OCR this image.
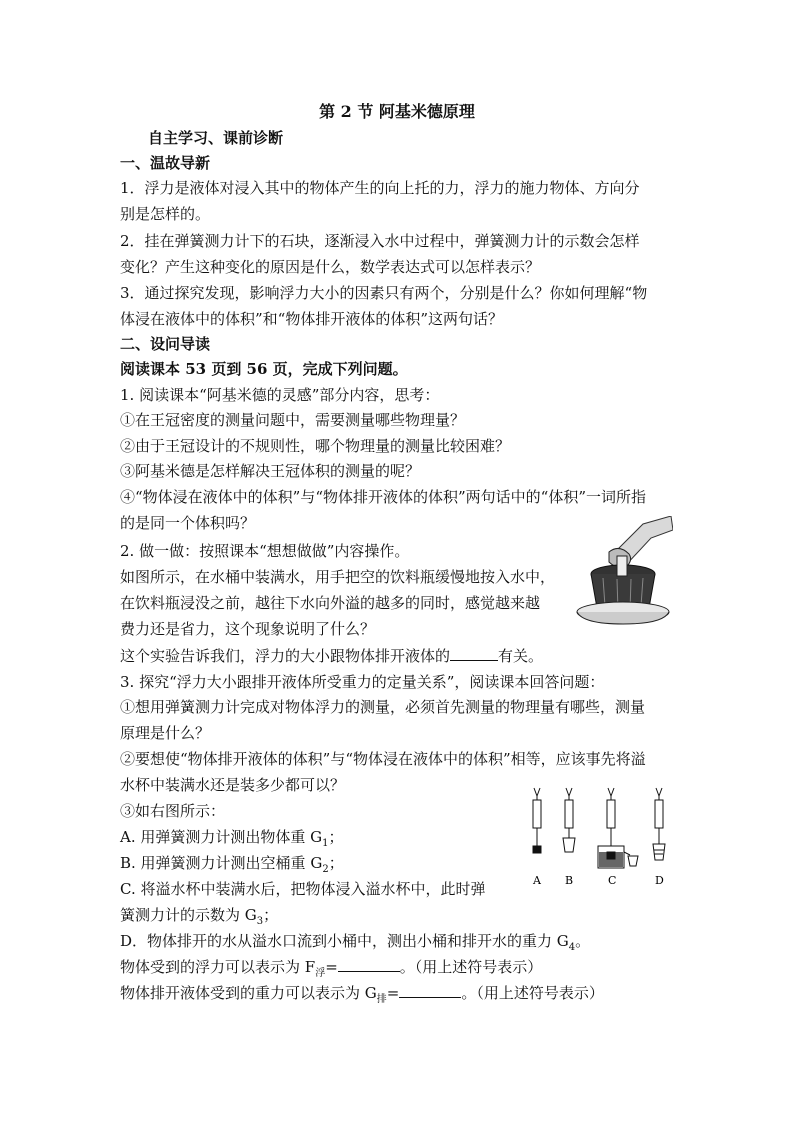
第 2 节 阿基米德原理
自主学习、课前诊断
一、温故导新
1．浮力是液体对浸入其中的物体产生的向上托的力，浮力的施力物体、方向分
别是怎样的。
2．挂在弹簧测力计下的石块，逐渐浸入水中过程中，弹簧测力计的示数会怎样
变化？产生这种变化的原因是什么，数学表达式可以怎样表示？
3．通过探究发现，影响浮力大小的因素只有两个，分别是什么？你如何理解“物
体浸在液体中的体积”和“物体排开液体的体积”这两句话？
二、设问导读
阅读课本 53 页到 56 页，完成下列问题。
1. 阅读课本“阿基米德的灵感”部分内容，思考：
①在王冠密度的测量问题中，需要测量哪些物理量？
②由于王冠设计的不规则性，哪个物理量的测量比较困难？
③阿基米德是怎样解决王冠体积的测量的呢？
④“物体浸在液体中的体积”与“物体排开液体的体积”两句话中的“体积”一词所指
的是同一个体积吗？
2. 做一做：按照课本“想想做做”内容操作。
如图所示，在水桶中装满水，用手把空的饮料瓶缓慢地按入水中，
在饮料瓶浸没之前，越往下水向外溢的越多的同时，感觉越来越
费力还是省力，这个现象说明了什么？
这个实验告诉我们，浮力的大小跟物体排开液体的	有关。
3. 探究“浮力大小跟排开液体所受重力的定量关系”，阅读课本回答问题：
①想用弹簧测力计完成对物体浮力的测量，必须首先测量的物理量有哪些，测量
原理是什么？
②要想使“物体排开液体的体积”与“物体浸在液体中的体积”相等，应该事先将溢
水杯中装满水还是装多少都可以？
③如右图所示：
A. 用弹簧测力计测出物体重 $G_1$；
B. 用弹簧测力计测出空桶重 $G_2$；
C. 将溢水杯中装满水后，把物体浸入溢水杯中，此时弹
簧测力计的示数为 $G_3$；
D．物体排开的水从溢水口流到小桶中，测出小桶和排开水的重力 $G_4$。
物体受到的浮力可以表示为 $F_浮=$	。（用上述符号表示）
物体排开液体受到的重力可以表示为 $G_排=$	。（用上述符号表示）
A B	C	D
